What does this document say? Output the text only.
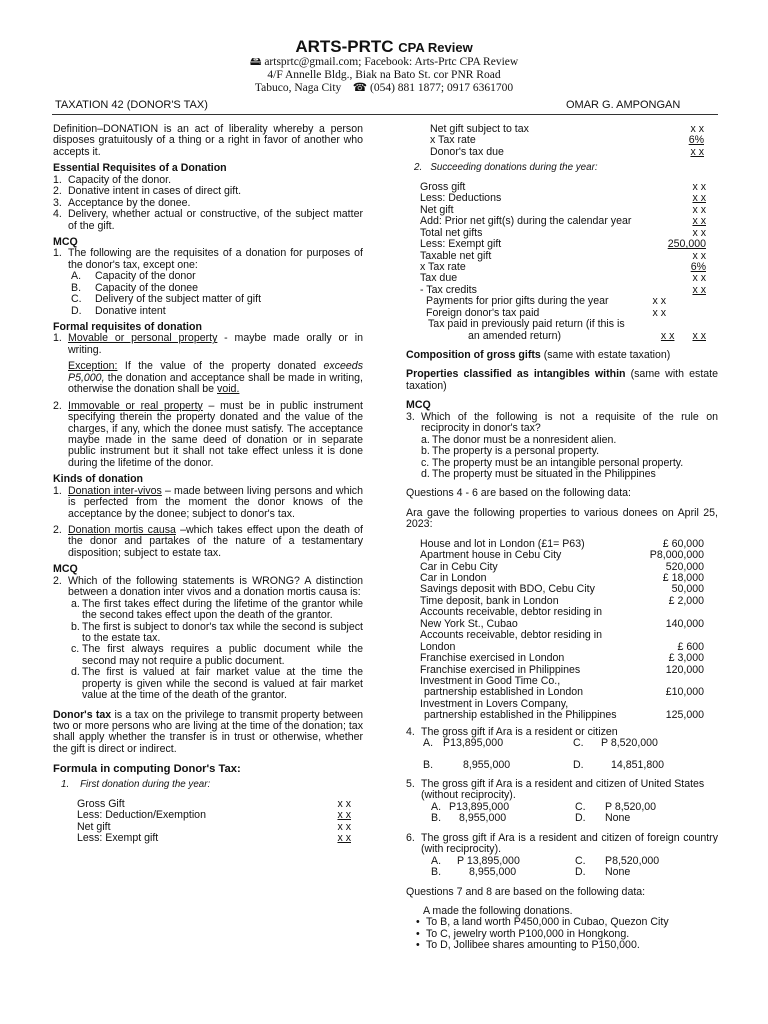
ARTS-PRTC CPA Review
🖴 artsprtc@gmail.com; Facebook: Arts-Prtc CPA Review
4/F Annelle Bldg., Biak na Bato St. cor PNR Road
Tabuco, Naga City ☎ (054) 881 1877; 0917 6361700
TAXATION 42 (DONOR'S TAX)	OMAR G. AMPONGAN

Definition–DONATION is an act of liberality whereby a person disposes gratuitously of a thing or a right in favor of another who accepts it.

Essential Requisites of a Donation

1. Capacity of the donor.
2. Donative intent in cases of direct gift.
3. Acceptance by the donee.
4. Delivery, whether actual or constructive, of the subject matter of the gift.

MCQ

1. The following are the requisites of a donation for purposes of the donor's tax, except one:
A. Capacity of the donor
B. Capacity of the donee
C. Delivery of the subject matter of gift
D. Donative intent

Formal requisites of donation

1. Movable or personal property - maybe made orally or in writing.

Exception: If the value of the property donated exceeds P5,000, the donation and acceptance shall be made in writing, otherwise the donation shall be void.

2. Immovable or real property – must be in public instrument specifying therein the property donated and the value of the charges, if any, which the donee must satisfy. The acceptance maybe made in the same deed of donation or in separate public instrument but it shall not take effect unless it is done during the lifetime of the donor.

Kinds of donation

1. Donation inter-vivos – made between living persons and which is perfected from the moment the donor knows of the acceptance by the donee; subject to donor's tax.
2. Donation mortis causa –which takes effect upon the death of the donor and partakes of the nature of a testamentary disposition; subject to estate tax.

MCQ

2. Which of the following statements is WRONG? A distinction between a donation inter vivos and a donation mortis causa is:
a. The first takes effect during the lifetime of the grantor while the second takes effect upon the death of the grantor.
b. The first is subject to donor's tax while the second is subject to the estate tax.
c. The first always requires a public document while the second may not require a public document.
d. The first is valued at fair market value at the time the property is given while the second is valued at fair market value at the time of the death of the grantor.

Donor's tax is a tax on the privilege to transmit property between two or more persons who are living at the time of the donation; tax shall apply whether the transfer is in trust or otherwise, whether the gift is direct or indirect.

Formula in computing Donor's Tax:

1. First donation during the year:

Gross Gift	x x
Less: Deduction/Exemption	x x
Net gift	x x
Less: Exempt gift	x x
Net gift subject to tax	x x
x Tax rate	6%
Donor's tax due	x x

2. Succeeding donations during the year:

Gross gift	x x
Less: Deductions	x x
Net gift	x x
Add: Prior net gift(s) during the calendar year	x x
Total net gifts	x x
Less: Exempt gift	250,000
Taxable net gift	x x
x Tax rate	6%
Tax due	x x
- Tax credits	x x
Payments for prior gifts during the year	x x
Foreign donor's tax paid	x x
Tax paid in previously paid return (if this is
an amended return)	x x x x

Composition of gross gifts (same with estate taxation)

Properties classified as intangibles within (same with estate taxation)

MCQ

3. Which of the following is not a requisite of the rule on reciprocity in donor's tax?
a. The donor must be a nonresident alien.
b. The property is a personal property.
c. The property must be an intangible personal property.
d. The property must be situated in the Philippines

Questions 4 - 6 are based on the following data:

Ara gave the following properties to various donees on April 25, 2023:

House and lot in London (£1= P63)	£ 60,000
Apartment house in Cebu City	P8,000,000
Car in Cebu City	520,000
Car in London	£ 18,000
Savings deposit with BDO, Cebu City	50,000
Time deposit, bank in London	£ 2,000
Accounts receivable, debtor residing in
New York St., Cubao	140,000
Accounts receivable, debtor residing in
London	£ 600
Franchise exercised in London	£ 3,000
Franchise exercised in Philippines	120,000
Investment in Good Time Co.,
partnership established in London	£10,000
Investment in Lovers Company,
partnership established in the Philippines	125,000
4. The gross gift if Ara is a resident or citizen
A. P13,895,000	C.	P 8,520,000
B.	8,955,000	D.	14,851,800
5. The gross gift if Ara is a resident and citizen of United States (without reciprocity).
A. P13,895,000	C.	P 8,520,00
B.	8,955,000	D.	None
6. The gross gift if Ara is a resident and citizen of foreign country (with reciprocity).
A.	P 13,895,000	C.	P8,520,000
B.	8,955,000	D.	None

Questions 7 and 8 are based on the following data:

A made the following donations.

• To B, a land worth P450,000 in Cubao, Quezon City
• To C, jewelry worth P100,000 in Hongkong.
• To D, Jollibee shares amounting to P150,000.
